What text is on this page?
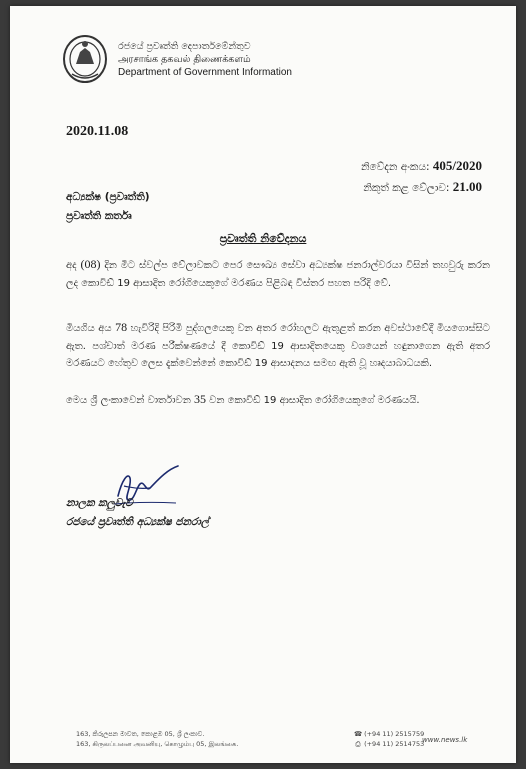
රජයේ ප්‍රවෘත්ති දෙපාර්තමේන්තුව
அரசாங்க தகவல் திணைக்களம்
Department of Government Information
2020.11.08
නිවේදන අංකය: 405/2020
නිකුත් කළ වේලාව: 21.00
අධ්‍යක්ෂ (ප්‍රවෘත්ති)
ප්‍රවෘත්ති කර්තෘ
ප්‍රවෘත්ති නිවේදනය
අද (08) දින මීට ස්වල්ප වේලාවකට පෙර සෞඛ්‍ය සේවා අධ්‍යක්ෂ ජනරාල්වරයා විසින් තහවුරු කරන ලද කොවිඩ් 19 ආසාදිත රෝගියෙකුගේ මරණය පිළිබඳ විස්තර පහත පරිදි වේ.
මියගිය අය 78 හැවිරිදි පිරිමි පුද්ගලයෙකු වන අතර රෝහලට ඇතුළත් කරන අවස්ථාවේදී මියගොස්සිට ඇත. පශ්චාත් මරණ පරීක්ෂණයේ දී කොවිඩ් 19 ආසාදිතයෙකු වශයෙන් හඳුනාගෙන ඇති අතර මරණයට හේතුව ලෙස දැක්වෙන්නේ කොවිඩ් 19 ආසාදනය සමඟ ඇති වූ හෘදයාබාධයකි.
මෙය ශ්‍රී ලංකාවෙන් වාර්තාවන 35 වන කොවිඩ් 19 ආසාදිත රෝගියෙකුගේ මරණයයි.
නාලක කලුවැව
රජයේ ප්‍රවෘත්ති අධ්‍යක්ෂ ජනරාල්
163, කිරුලපන මාවත, කොළඹ 05, ශ්‍රී ලංකාව.
163, கிருலப்பனை அவனியு, கொழும்பு 05, இலங்கை.
☎ (+94 11) 2515759
⎙ (+94 11) 2514753
www.news.lk
